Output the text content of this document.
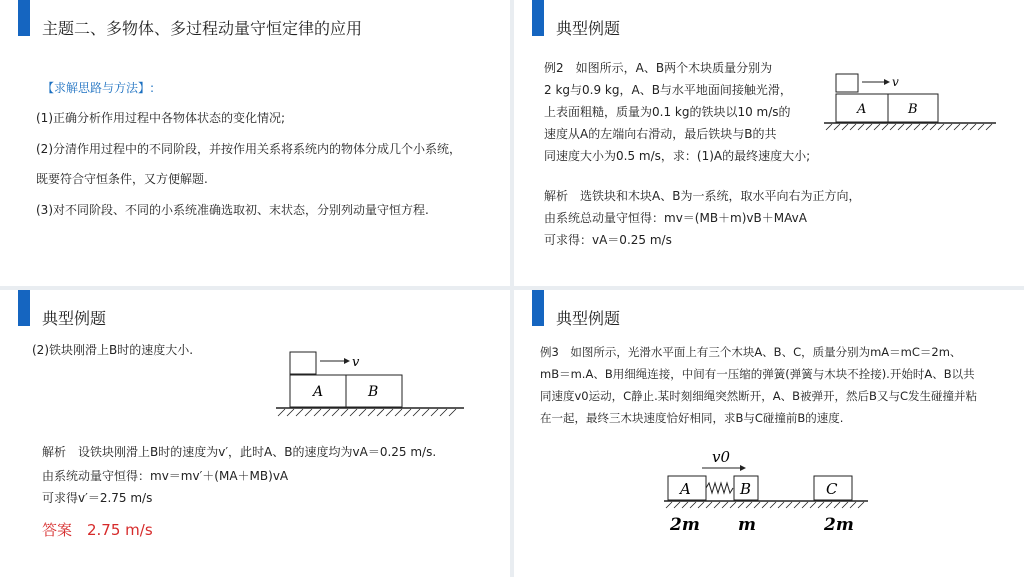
主题二、多物体、多过程动量守恒定律的应用
【求解思路与方法】:
(1)正确分析作用过程中各物体状态的变化情况;
(2)分清作用过程中的不同阶段，并按作用关系将系统内的物体分成几个小系统，
既要符合守恒条件，又方便解题.
(3)对不同阶段、不同的小系统准确选取初、末状态，分别列动量守恒方程.
典型例题
例2　如图所示，A、B两个木块质量分别为
2 kg与0.9 kg，A、B与水平地面间接触光滑，
上表面粗糙，质量为0.1 kg的铁块以10 m/s的
速度从A的左端向右滑动，最后铁块与B的共
同速度大小为0.5 m/s，求：(1)A的最终速度大小;
解析　选铁块和木块A、B为一系统，取水平向右为正方向，
由系统总动量守恒得：mv＝(MB＋m)vB＋MAvA
可求得：vA＝0.25 m/s
v
A	B
典型例题
(2)铁块刚滑上B时的速度大小.
v
A	B
解析　设铁块刚滑上B时的速度为v′，此时A、B的速度均为vA＝0.25 m/s.
由系统动量守恒得：mv＝mv′＋(MA＋MB)vA
可求得v′＝2.75 m/s
答案　2.75 m/s
典型例题
例3　如图所示，光滑水平面上有三个木块A、B、C，质量分别为mA＝mC＝2m、
mB＝m.A、B用细绳连接，中间有一压缩的弹簧(弹簧与木块不拴接).开始时A、B以共
同速度v0运动，C静止.某时刻细绳突然断开，A、B被弹开，然后B又与C发生碰撞并粘
在一起，最终三木块速度恰好相同，求B与C碰撞前B的速度.
v0
A	B	C
2m m	2m
